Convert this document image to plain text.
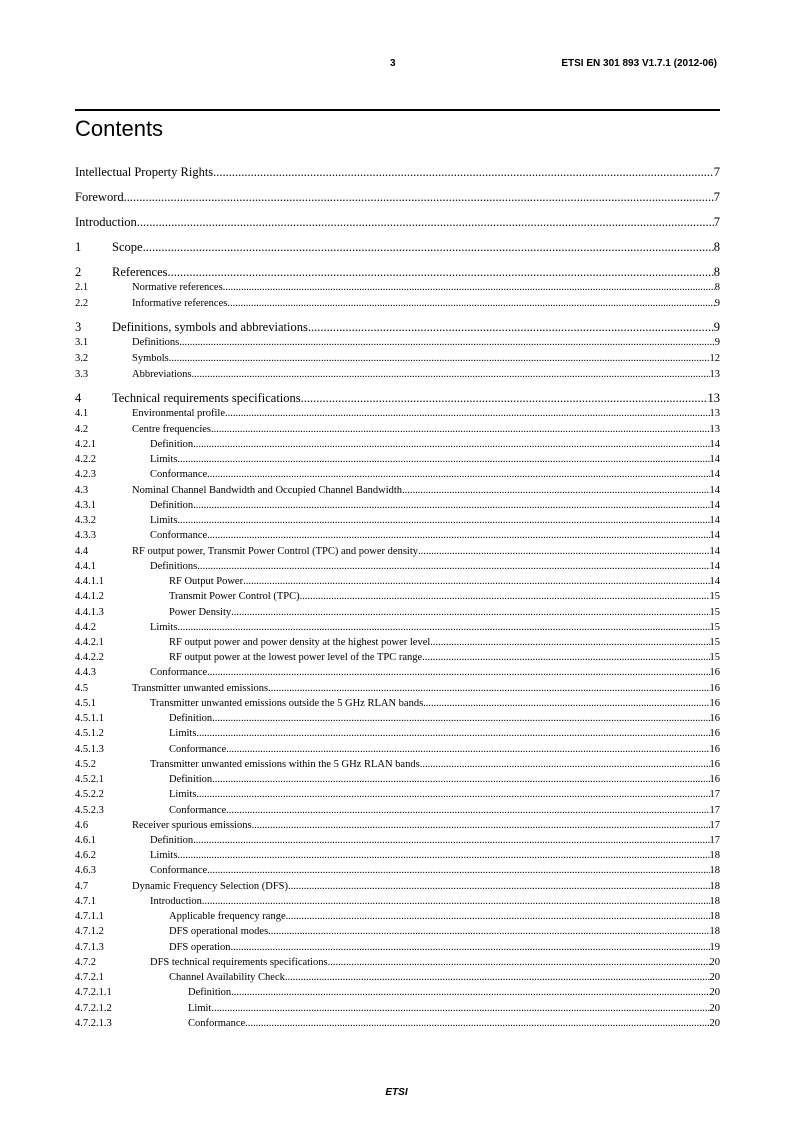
3	ETSI EN 301 893 V1.7.1 (2012-06)
Contents
Intellectual Property Rights .....	7
Foreword .....	7
Introduction .....	7
1	Scope .....	8
2	References .....	8
2.1	Normative references .....	8
2.2	Informative references .....	9
3	Definitions, symbols and abbreviations .....	9
3.1	Definitions .....	9
3.2	Symbols .....	12
3.3	Abbreviations .....	13
4	Technical requirements specifications .....	13
4.1	Environmental profile .....	13
4.2	Centre frequencies .....	13
4.2.1	Definition .....	14
4.2.2	Limits .....	14
4.2.3	Conformance .....	14
4.3	Nominal Channel Bandwidth and Occupied Channel Bandwidth .....	14
4.3.1	Definition .....	14
4.3.2	Limits .....	14
4.3.3	Conformance .....	14
4.4	RF output power, Transmit Power Control (TPC) and power density .....	14
4.4.1	Definitions .....	14
4.4.1.1	RF Output Power .....	14
4.4.1.2	Transmit Power Control (TPC) .....	15
4.4.1.3	Power Density .....	15
4.4.2	Limits .....	15
4.4.2.1	RF output power and power density at the highest power level .....	15
4.4.2.2	RF output power at the lowest power level of the TPC range .....	15
4.4.3	Conformance .....	16
4.5	Transmitter unwanted emissions .....	16
4.5.1	Transmitter unwanted emissions outside the 5 GHz RLAN bands .....	16
4.5.1.1	Definition .....	16
4.5.1.2	Limits .....	16
4.5.1.3	Conformance .....	16
4.5.2	Transmitter unwanted emissions within the 5 GHz RLAN bands .....	16
4.5.2.1	Definition .....	16
4.5.2.2	Limits .....	17
4.5.2.3	Conformance .....	17
4.6	Receiver spurious emissions .....	17
4.6.1	Definition .....	17
4.6.2	Limits .....	18
4.6.3	Conformance .....	18
4.7	Dynamic Frequency Selection (DFS) .....	18
4.7.1	Introduction .....	18
4.7.1.1	Applicable frequency range .....	18
4.7.1.2	DFS operational modes .....	18
4.7.1.3	DFS operation .....	19
4.7.2	DFS technical requirements specifications .....	20
4.7.2.1	Channel Availability Check .....	20
4.7.2.1.1	Definition .....	20
4.7.2.1.2	Limit .....	20
4.7.2.1.3	Conformance .....	20
ETSI
